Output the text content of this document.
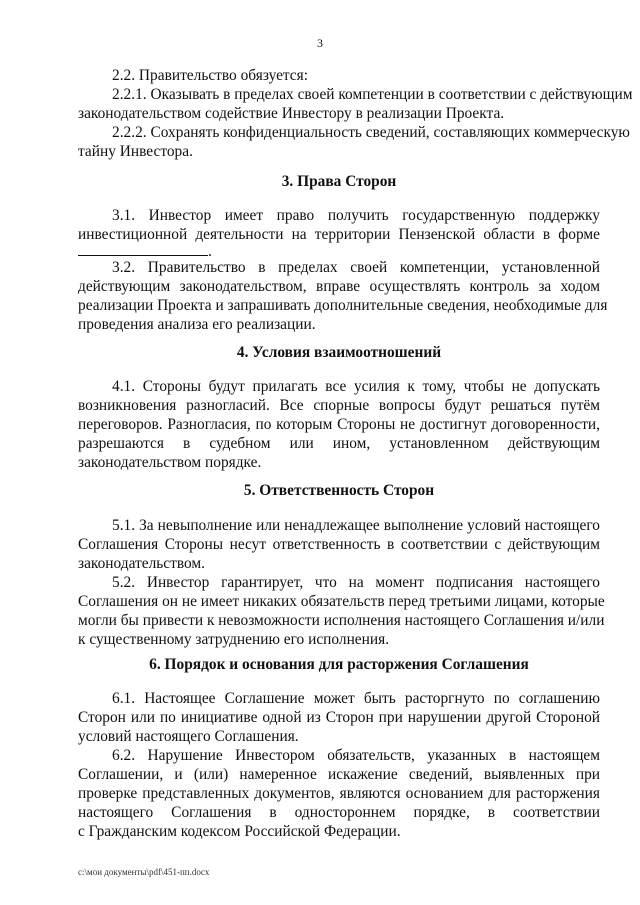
3
2.2. Правительство обязуется:
2.2.1. Оказывать в пределах своей компетенции в соответствии с действующим
законодательством содействие Инвестору в реализации Проекта.
2.2.2. Сохранять конфиденциальность сведений, составляющих коммерческую
тайну Инвестора.
3. Права Сторон
3.1. Инвестор имеет право получить государственную поддержку
инвестиционной деятельности на территории Пензенской области в форме
.
3.2. Правительство в пределах своей компетенции, установленной
действующим законодательством, вправе осуществлять контроль за ходом
реализации Проекта и запрашивать дополнительные сведения, необходимые для
проведения анализа его реализации.
4. Условия взаимоотношений
4.1. Стороны будут прилагать все усилия к тому, чтобы не допускать
возникновения разногласий. Все спорные вопросы будут решаться путём
переговоров. Разногласия, по которым Стороны не достигнут договоренности,
разрешаются в судебном или ином, установленном действующим
законодательством порядке.
5. Ответственность Сторон
5.1. За невыполнение или ненадлежащее выполнение условий настоящего
Соглашения Стороны несут ответственность в соответствии с действующим
законодательством.
5.2. Инвестор гарантирует, что на момент подписания настоящего
Соглашения он не имеет никаких обязательств перед третьими лицами, которые
могли бы привести к невозможности исполнения настоящего Соглашения и/или
к существенному затруднению его исполнения.
6. Порядок и основания для расторжения Соглашения
6.1. Настоящее Соглашение может быть расторгнуто по соглашению
Сторон или по инициативе одной из Сторон при нарушении другой Стороной
условий настоящего Соглашения.
6.2. Нарушение Инвестором обязательств, указанных в настоящем
Соглашении, и (или) намеренное искажение сведений, выявленных при
проверке представленных документов, являются основанием для расторжения
настоящего Соглашения в одностороннем порядке, в соответствии
с Гражданским кодексом Российской Федерации.
c:\мои документы\pdf\451-пп.docx
